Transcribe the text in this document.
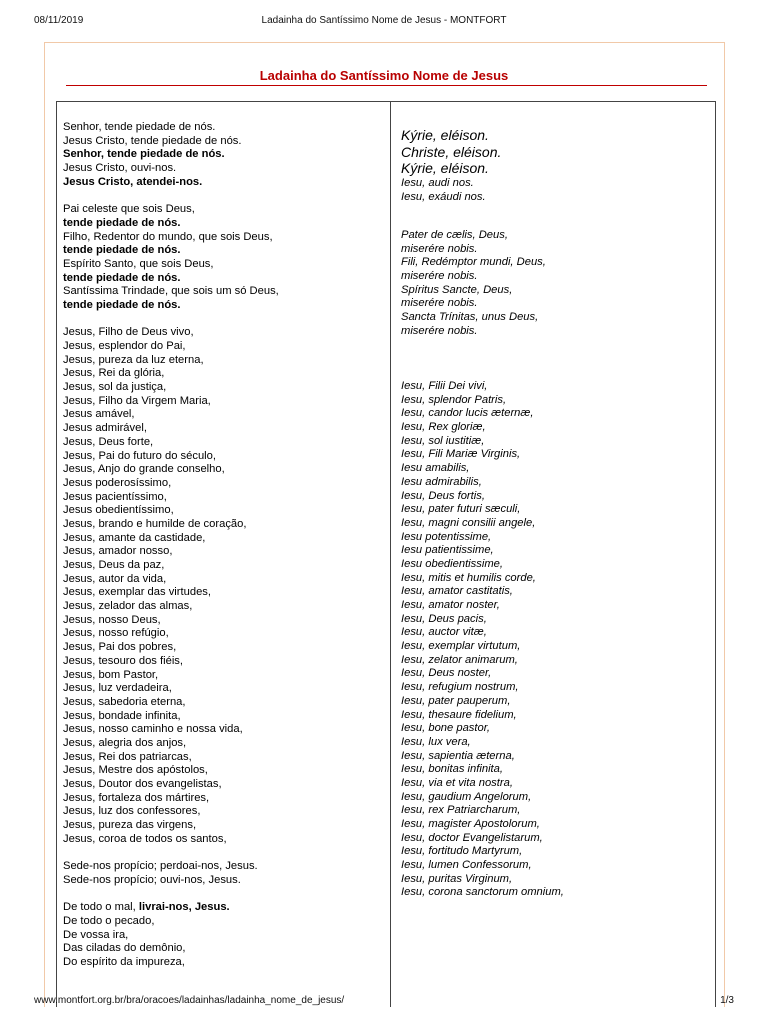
08/11/2019	Ladainha do Santíssimo Nome de Jesus - MONTFORT
Ladainha do Santíssimo Nome de Jesus
Senhor, tende piedade de nós.
Jesus Cristo, tende piedade de nós.
Senhor, tende piedade de nós.
Jesus Cristo, ouvi-nos.
Jesus Cristo, atendei-nos.
Pai celeste que sois Deus,
tende piedade de nós.
Filho, Redentor do mundo, que sois Deus,
tende piedade de nós.
Espírito Santo, que sois Deus,
tende piedade de nós.
Santíssima Trindade, que sois um só Deus,
tende piedade de nós.
Jesus, Filho de Deus vivo,
Jesus, esplendor do Pai,
Jesus, pureza da luz eterna,
Jesus, Rei da glória,
Jesus, sol da justiça,
Jesus, Filho da Virgem Maria,
Jesus amável,
Jesus admirável,
Jesus, Deus forte,
Jesus, Pai do futuro do século,
Jesus, Anjo do grande conselho,
Jesus poderosíssimo,
Jesus pacientíssimo,
Jesus obedientíssimo,
Jesus, brando e humilde de coração,
Jesus, amante da castidade,
Jesus, amador nosso,
Jesus, Deus da paz,
Jesus, autor da vida,
Jesus, exemplar das virtudes,
Jesus, zelador das almas,
Jesus, nosso Deus,
Jesus, nosso refúgio,
Jesus, Pai dos pobres,
Jesus, tesouro dos fiéis,
Jesus, bom Pastor,
Jesus, luz verdadeira,
Jesus, sabedoria eterna,
Jesus, bondade infinita,
Jesus, nosso caminho e nossa vida,
Jesus, alegria dos anjos,
Jesus, Rei dos patriarcas,
Jesus, Mestre dos apóstolos,
Jesus, Doutor dos evangelistas,
Jesus, fortaleza dos mártires,
Jesus, luz dos confessores,
Jesus, pureza das virgens,
Jesus, coroa de todos os santos,
Sede-nos propício; perdoai-nos, Jesus.
Sede-nos propício; ouvi-nos, Jesus.
De todo o mal, livrai-nos, Jesus.
De todo o pecado,
De vossa ira,
Das ciladas do demônio,
Do espírito da impureza,
Kýrie, eléison.
Christe, eléison.
Kýrie, eléison.
Iesu, audi nos.
Iesu, exáudi nos.
Pater de cælis, Deus,
miserére nobis.
Fili, Redémptor mundi, Deus,
miserére nobis.
Spíritus Sancte, Deus,
miserére nobis.
Sancta Trínitas, unus Deus,
miserére nobis.
Iesu, Filii Dei vivi,
Iesu, splendor Patris,
Iesu, candor lucis æternæ,
Iesu, Rex gloriæ,
Iesu, sol iustitiæ,
Iesu, Fili Mariæ Virginis,
Iesu amabilis,
Iesu admirabilis,
Iesu, Deus fortis,
Iesu, pater futuri sæculi,
Iesu, magni consilii angele,
Iesu potentissime,
Iesu patientissime,
Iesu obedientissime,
Iesu, mitis et humilis corde,
Iesu, amator castitatis,
Iesu, amator noster,
Iesu, Deus pacis,
Iesu, auctor vitæ,
Iesu, exemplar virtutum,
Iesu, zelator animarum,
Iesu, Deus noster,
Iesu, refugium nostrum,
Iesu, pater pauperum,
Iesu, thesaure fidelium,
Iesu, bone pastor,
Iesu, lux vera,
Iesu, sapientia æterna,
Iesu, bonitas infinita,
Iesu, via et vita nostra,
Iesu, gaudium Angelorum,
Iesu, rex Patriarcharum,
Iesu, magister Apostolorum,
Iesu, doctor Evangelistarum,
Iesu, fortitudo Martyrum,
Iesu, lumen Confessorum,
Iesu, puritas Virginum,
Iesu, corona sanctorum omnium,
www.montfort.org.br/bra/oracoes/ladainhas/ladainha_nome_de_jesus/	1/3
